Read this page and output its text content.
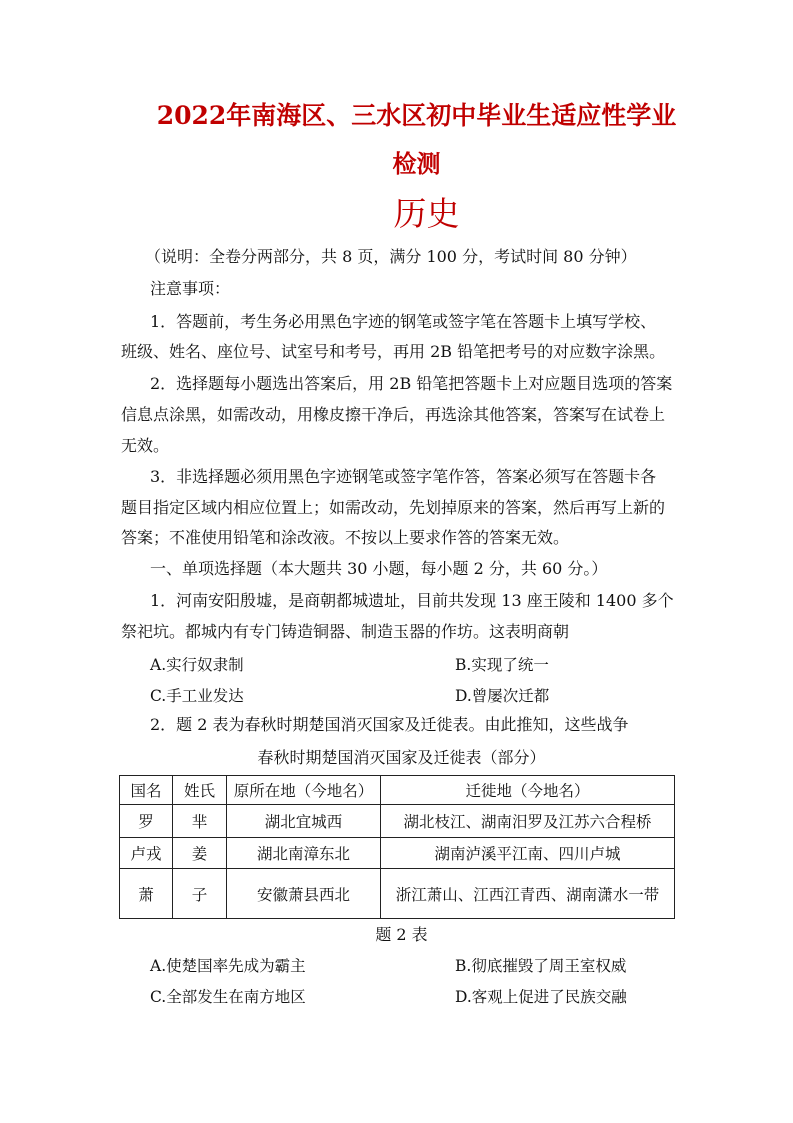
2022年南海区、三水区初中毕业生适应性学业
检测
历史
（说明：全卷分两部分，共 8 页，满分 100 分，考试时间 80 分钟）
注意事项：
1．答题前，考生务必用黑色字迹的钢笔或签字笔在答题卡上填写学校、
班级、姓名、座位号、试室号和考号，再用 2B 铅笔把考号的对应数字涂黑。
2．选择题每小题选出答案后，用 2B 铅笔把答题卡上对应题目选项的答案
信息点涂黑，如需改动，用橡皮擦干净后，再选涂其他答案，答案写在试卷上
无效。
3．非选择题必须用黑色字迹钢笔或签字笔作答，答案必须写在答题卡各
题目指定区域内相应位置上；如需改动，先划掉原来的答案，然后再写上新的
答案；不准使用铅笔和涂改液。不按以上要求作答的答案无效。
一、单项选择题（本大题共 30 小题，每小题 2 分，共 60 分。）
1．河南安阳殷墟，是商朝都城遗址，目前共发现 13 座王陵和 1400 多个
祭祀坑。都城内有专门铸造铜器、制造玉器的作坊。这表明商朝
A.实行奴隶制	B.实现了统一
C.手工业发达	D.曾屡次迁都
2．题 2 表为春秋时期楚国消灭国家及迁徙表。由此推知，这些战争
春秋时期楚国消灭国家及迁徙表（部分）
国名	姓氏	原所在地（今地名）	迁徙地（今地名）
罗	芈	湖北宜城西	湖北枝江、湖南汨罗及江苏六合程桥
卢戎	姜	湖北南漳东北	湖南泸溪平江南、四川卢城
萧	子	安徽萧县西北	浙江萧山、江西江青西、湖南潇水一带
题 2 表
A.使楚国率先成为霸主	B.彻底摧毁了周王室权威
C.全部发生在南方地区	D.客观上促进了民族交融
